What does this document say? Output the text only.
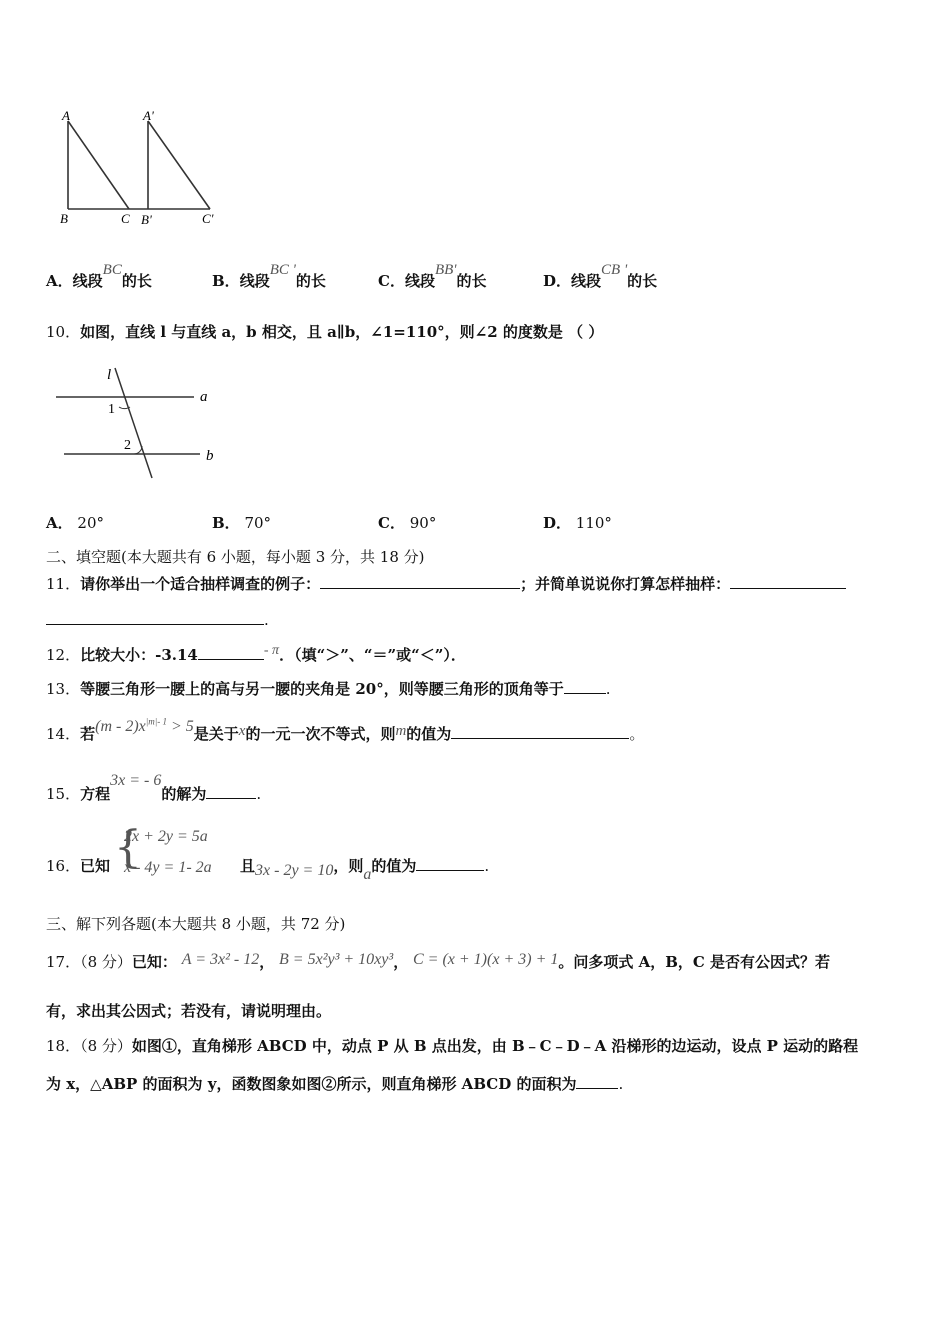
A	A'
B	C B'	C'
A．线段BC的长	B．线段BC '的长	C．线段BB'的长	D．线段CB '的长
10．如图，直线 l 与直线 a，b 相交，且 a∥b，∠1=110°，则∠2 的度数是 （ ）
l
1
2
a
b
A． 20°	B． 70°	C． 90°	D． 110°
二、填空题(本大题共有 6 小题，每小题 3 分，共 18 分)
11．请你举出一个适合抽样调查的例子：	；并简单说说你打算怎样抽样：
.
12．比较大小：-3.14	- π．（填“＞”、“＝”或“＜”）．
13．等腰三角形一腰上的高与另一腰的夹角是 20°，则等腰三角形的顶角等于	.
14．若$(m - 2)x^{|m|- 1} > 5$是关于x的一元一次不等式，则m的值为	。
15．方程3x = - 6的解为	.
16． 已知 {
2x + 2y = 5a
x - 4y = 1- 2a 且3x - 2y = 10，则a的值为	.
三、解下列各题(本大题共 8 小题，共 72 分)
17．（8 分）已知： A = 3x² - 12， B = 5x²y³ + 10xy³， C = (x + 1)(x + 3) + 1。问多项式 A，B，C 是否有公因式？若
有，求出其公因式；若没有，请说明理由。
18．（8 分）如图①，直角梯形 ABCD 中，动点 P 从 B 点出发，由 B﹣C﹣D﹣A 沿梯形的边运动，设点 P 运动的路程
为 x，△ABP 的面积为 y，函数图象如图②所示，则直角梯形 ABCD 的面积为	.
